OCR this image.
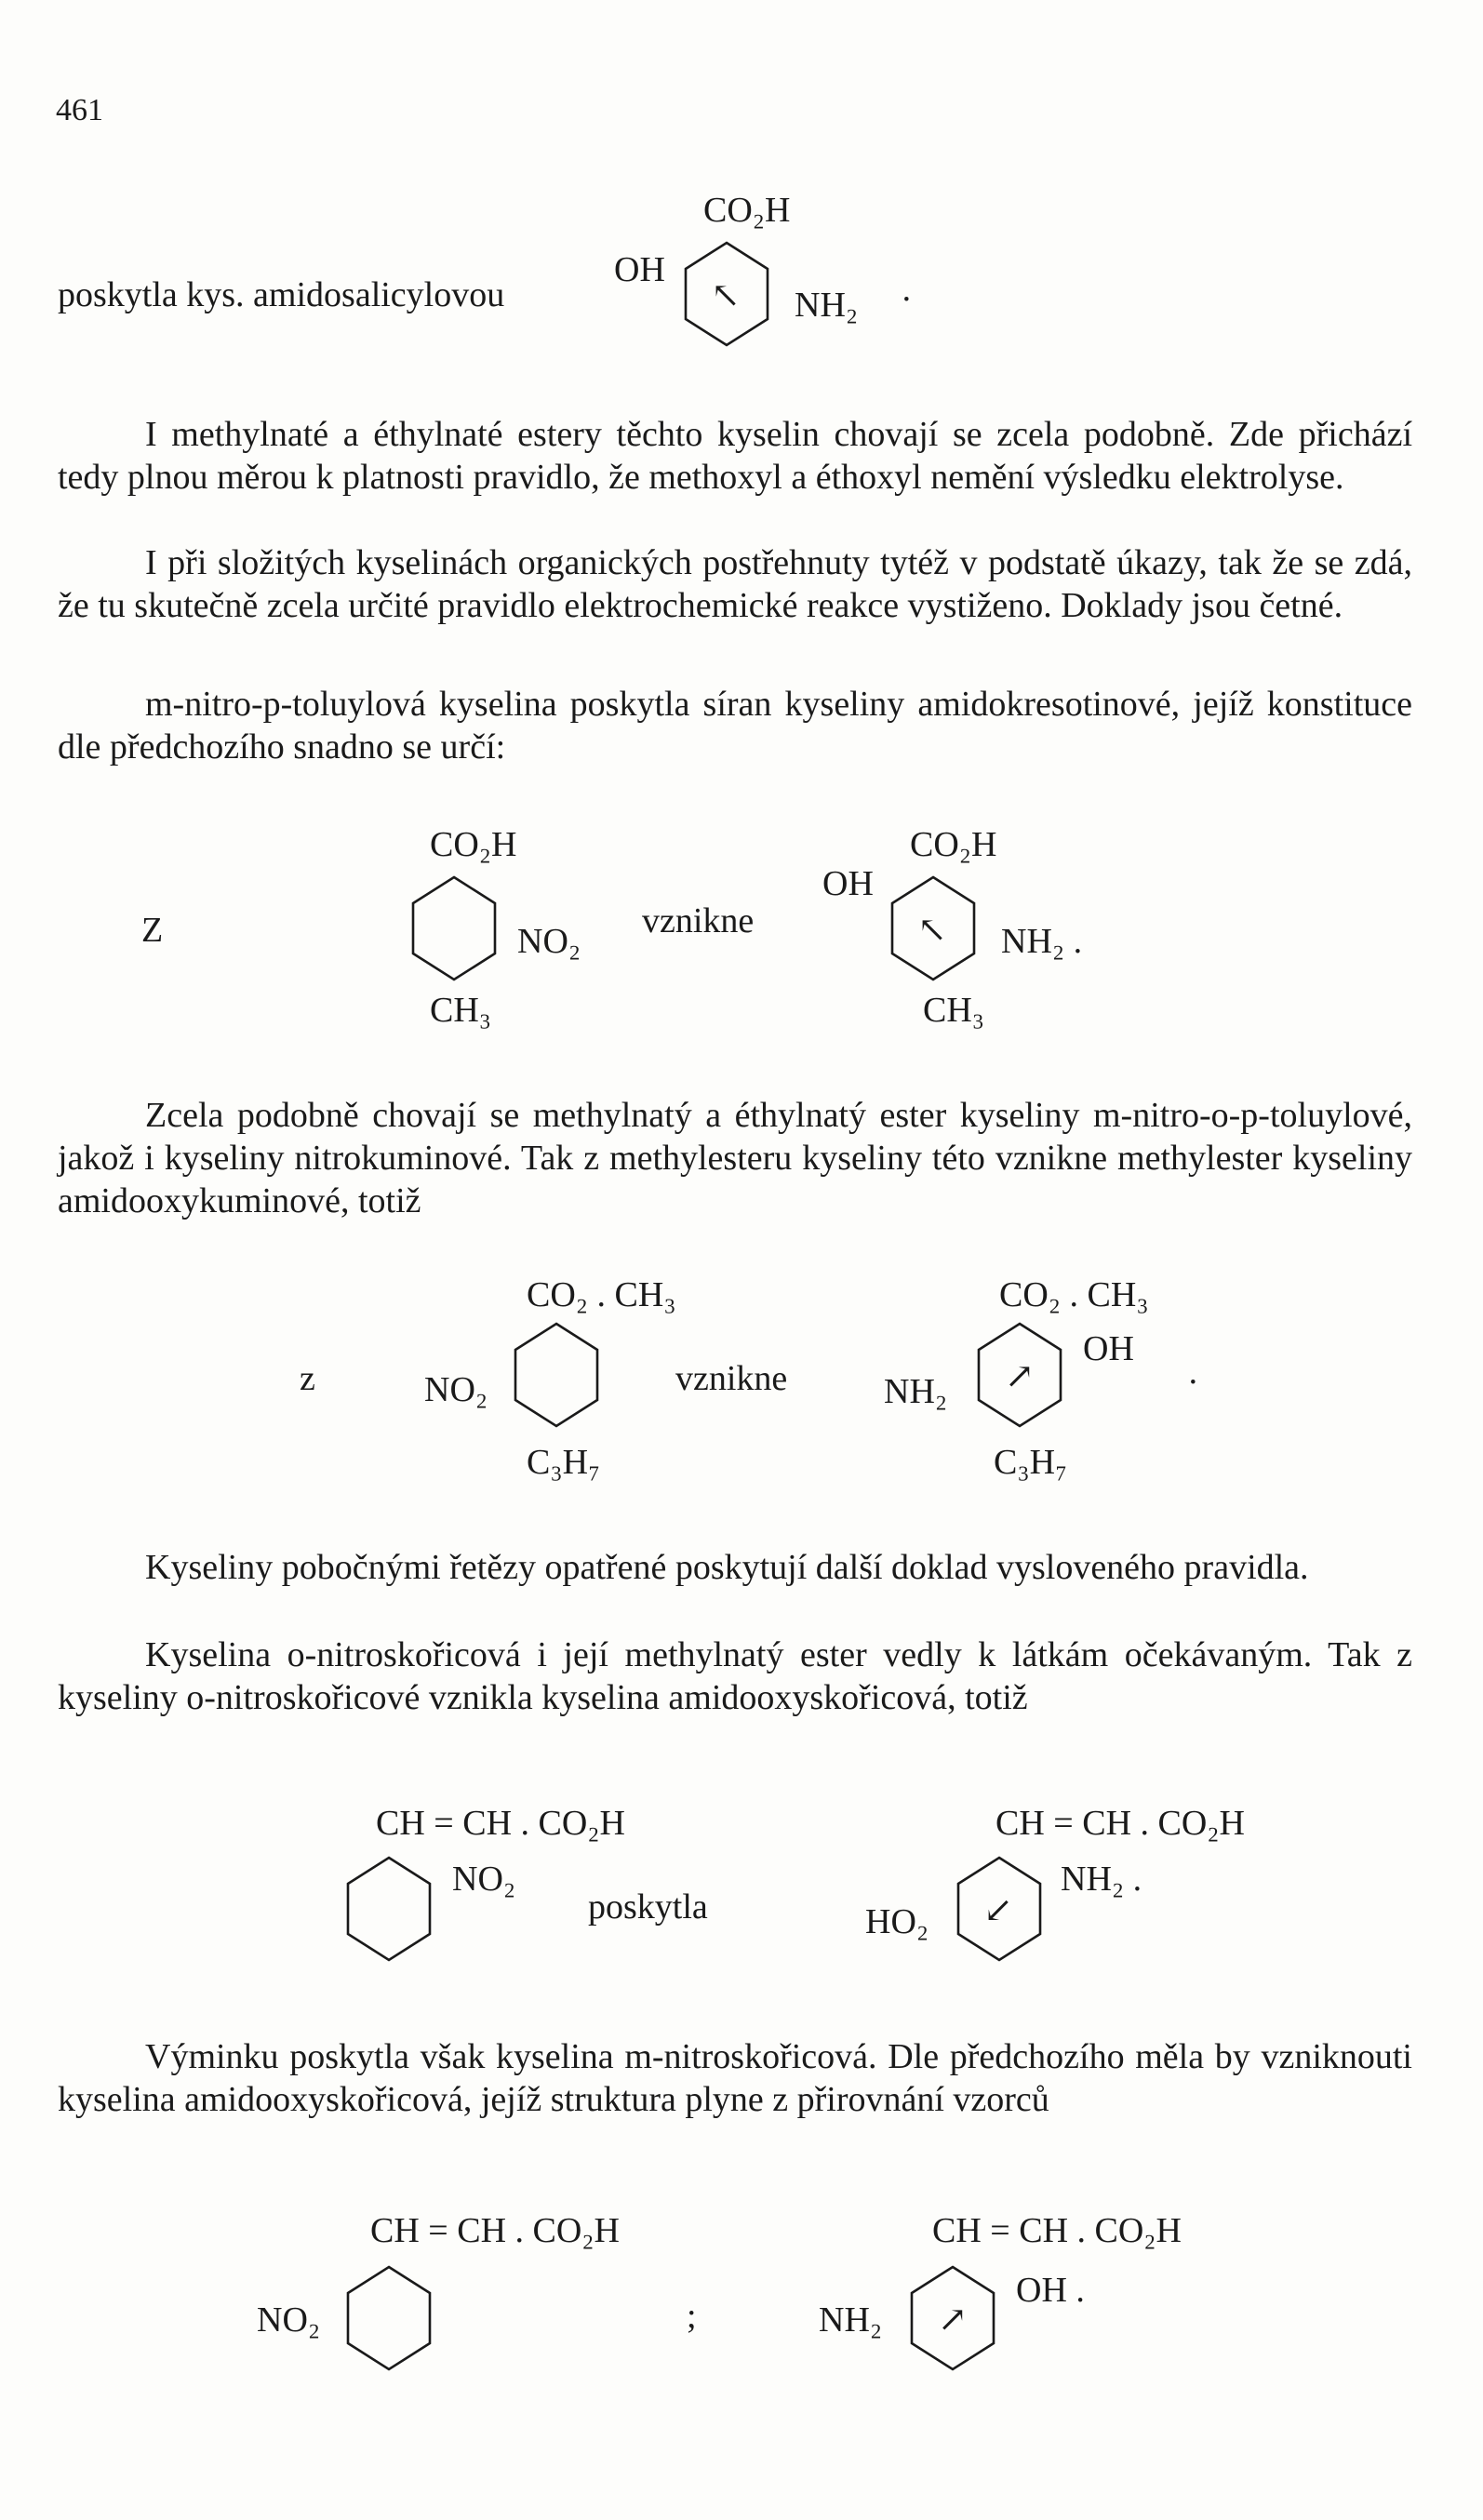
461
poskytla kys. amidosalicylovou

I methylnaté a éthylnaté estery těchto kyselin chovají se zcela podobně. Zde přichází tedy plnou měrou k platnosti pravidlo, že methoxyl a éthoxyl nemění výsledku elektrolyse.

I při složitých kyselinách organických postřehnuty tytéž v podstatě úkazy, tak že se zdá, že tu skutečně zcela určité pravidlo elektrochemické reakce vystiženo. Doklady jsou četné.

m-nitro-p-toluylová kyselina poskytla síran kyseliny amidokresotinové, jejíž konstituce dle předchozího snadno se určí:

Zcela podobně chovají se methylnatý a éthylnatý ester kyseliny m-nitro-o-p-toluylové, jakož i kyseliny nitrokuminové. Tak z methylesteru kyseliny této vznikne methylester kyseliny amidooxykuminové, totiž

Kyseliny pobočnými řetězy opatřené poskytují další doklad vysloveného pravidla.

Kyselina o-nitroskořicová i její methylnatý ester vedly k látkám očekávaným. Tak z kyseliny o-nitroskořicové vznikla kyselina amidooxyskořicová, totiž

Výminku poskytla však kyselina m-nitroskořicová. Dle předchozího měla by vzniknouti kyselina amidooxyskořicová, jejíž struktura plyne z přirovnání vzorců

CO₂H
OH
↖ NH₂ ·
Z
CO₂H
NO₂
CH₃
vznikne
CO₂H
OH
↖ NH₂ .
CH₃
z
CO₂ . CH₃
NO₂
C₃H₇
vznikne
CO₂ . CH₃
NH₂ ↗
OH
C₃H₇
·
CH = CH . CO₂H
NO₂
poskytla
CH = CH . CO₂H
HO₂ ↙
NH₂ .
CH = CH . CO₂H
NO₂	;
CH = CH . CO₂H
NH₂ ↗
OH .
